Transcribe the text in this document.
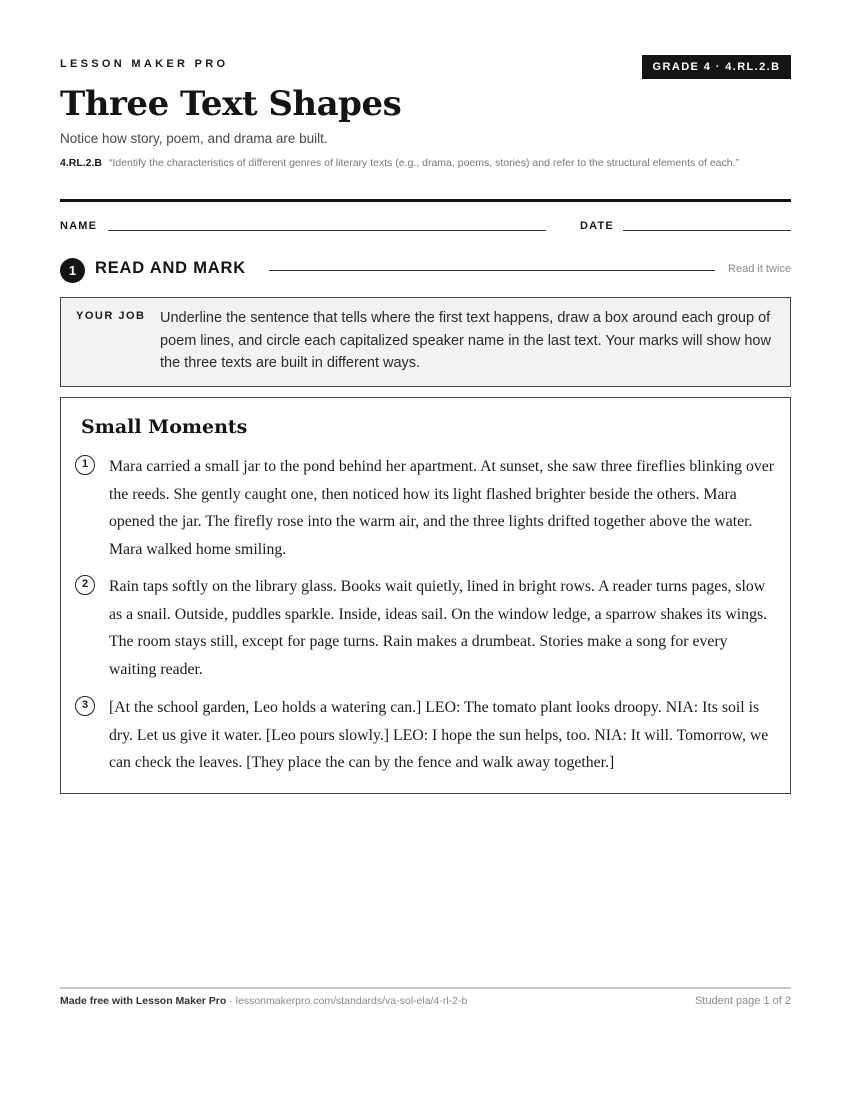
LESSON MAKER PRO	GRADE 4 · 4.RL.2.B
Three Text Shapes
Notice how story, poem, and drama are built.
4.RL.2.B “Identify the characteristics of different genres of literary texts (e.g., drama, poems, stories) and refer to the structural elements of each.”
NAME	DATE
1	READ AND MARK	Read it twice
YOUR JOB Underline the sentence that tells where the first text happens, draw a box around each group of poem lines, and circle each capitalized speaker name in the last text. Your marks will show how the three texts are built in different ways.
Small Moments
1	Mara carried a small jar to the pond behind her apartment. At sunset, she saw three fireflies blinking over the reeds. She gently caught one, then noticed how its light flashed brighter beside the others. Mara opened the jar. The firefly rose into the warm air, and the three lights drifted together above the water. Mara walked home smiling.
2	Rain taps softly on the library glass. Books wait quietly, lined in bright rows. A reader turns pages, slow as a snail. Outside, puddles sparkle. Inside, ideas sail. On the window ledge, a sparrow shakes its wings. The room stays still, except for page turns. Rain makes a drumbeat. Stories make a song for every waiting reader.
3	[At the school garden, Leo holds a watering can.] LEO: The tomato plant looks droopy. NIA: Its soil is dry. Let us give it water. [Leo pours slowly.] LEO: I hope the sun helps, too. NIA: It will. Tomorrow, we can check the leaves. [They place the can by the fence and walk away together.]
Made free with Lesson Maker Pro · lessonmakerpro.com/standards/va-sol-ela/4-rl-2-b	Student page 1 of 2
